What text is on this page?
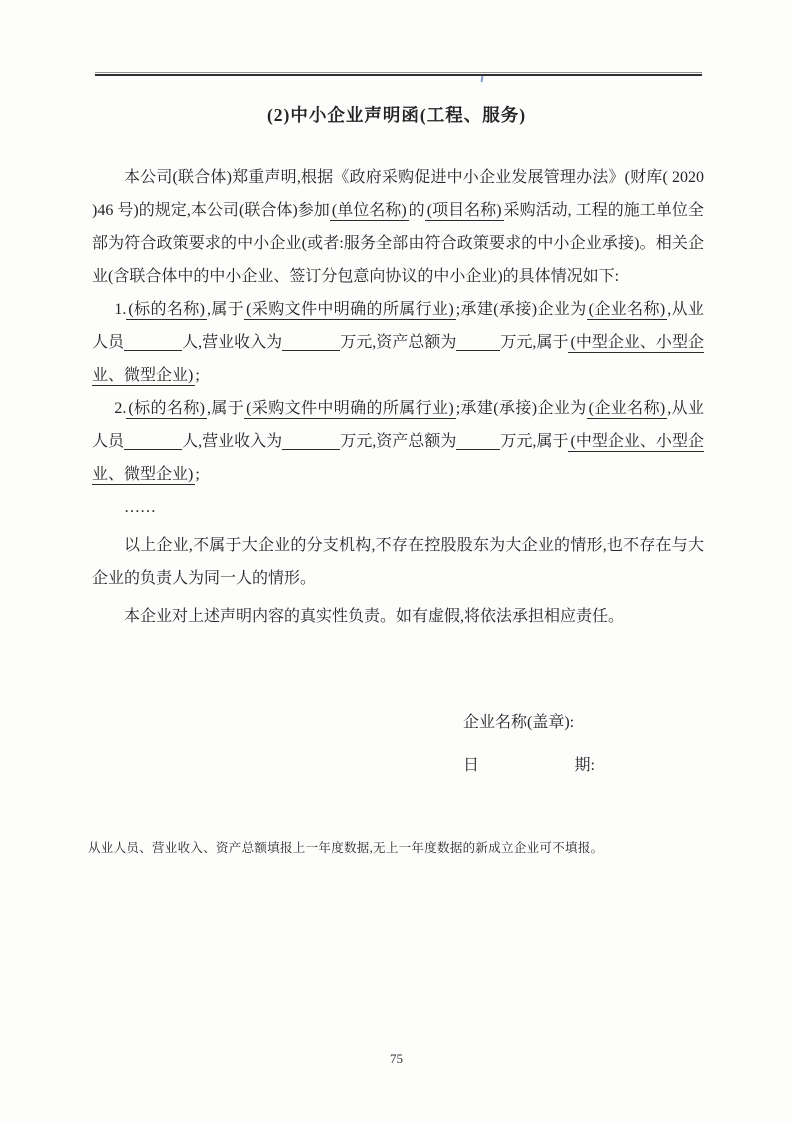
(2)中小企业声明函(工程、服务)

本公司(联合体)郑重声明,根据《政府采购促进中小企业发展管理办法》(财库( 2020 )46 号)的规定,本公司(联合体)参加 (单位名称) 的 (项目名称) 采购活动, 工程的施工单位全部为符合政策要求的中小企业(或者:服务全部由符合政策要求的中小企业承接)。相关企业(含联合体中的中小企业、签订分包意向协议的中小企业)的具体情况如下:

1. (标的名称) ,属于 (采购文件中明确的所属行业) ;承建(承接)企业为 (企业名称) ,从业人员	人,营业收入为	万元,资产总额为	万元,属于 (中型企业、小型企业、微型企业) ;

2. (标的名称) ,属于 (采购文件中明确的所属行业) ;承建(承接)企业为 (企业名称) ,从业人员	人,营业收入为	万元,资产总额为	万元,属于 (中型企业、小型企业、微型企业) ;

……

以上企业,不属于大企业的分支机构,不存在控股股东为大企业的情形,也不存在与大企业的负责人为同一人的情形。

本企业对上述声明内容的真实性负责。如有虚假,将依法承担相应责任。

企业名称(盖章):
日	期:
从业人员、营业收入、资产总额填报上一年度数据,无上一年度数据的新成立企业可不填报。
75
